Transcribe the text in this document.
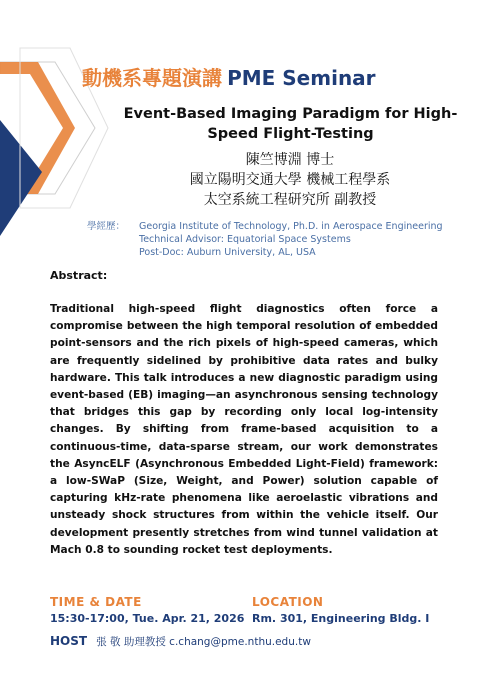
動機系專題演講 PME Seminar
Event-Based Imaging Paradigm for High-
Speed Flight-Testing
陳竺博淵 博士
國立陽明交通大學 機械工程學系
太空系統工程研究所 副教授
學經歷：	Georgia Institute of Technology, Ph.D. in Aerospace Engineering
Technical Advisor: Equatorial Space Systems
Post-Doc: Auburn University, AL, USA
Abstract:
Traditional high-speed flight diagnostics often force a compromise between the high temporal resolution of embedded point-sensors and the rich pixels of high-speed cameras, which are frequently sidelined by prohibitive data rates and bulky hardware. This talk introduces a new diagnostic paradigm using event-based (EB) imaging—an asynchronous sensing technology that bridges this gap by recording only local log-intensity changes. By shifting from frame-based acquisition to a continuous-time, data-sparse stream, our work demonstrates the AsyncELF (Asynchronous Embedded Light-Field) framework: a low-SWaP (Size, Weight, and Power) solution capable of capturing kHz-rate phenomena like aeroelastic vibrations and unsteady shock structures from within the vehicle itself. Our development presently stretches from wind tunnel validation at Mach 0.8 to sounding rocket test deployments.
TIME & DATE
15:30-17:00, Tue. Apr. 21, 2026
LOCATION
Rm. 301, Engineering Bldg. I
HOST 張 敬 助理教授 c.chang@pme.nthu.edu.tw
